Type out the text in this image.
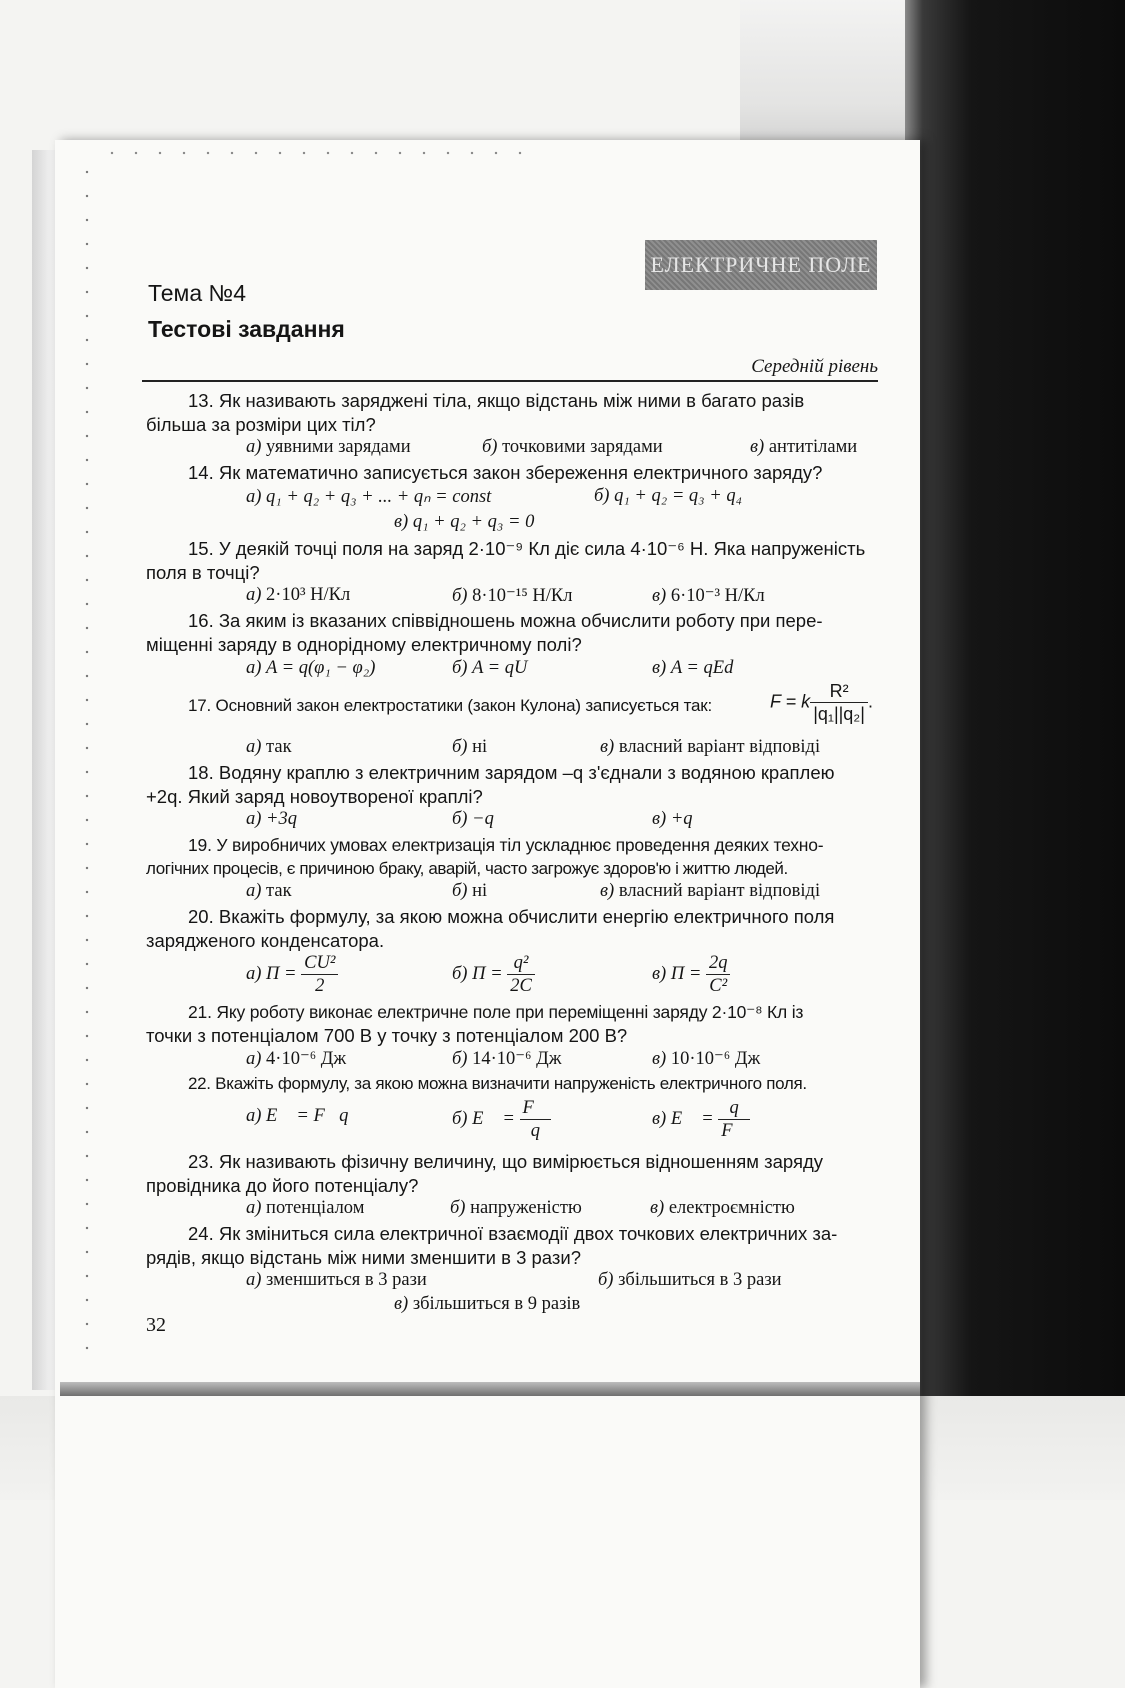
ЕЛЕКТРИЧНЕ ПОЛЕ
Тема №4
Тестові завдання
Середній рівень
13. Як називають заряджені тіла, якщо відстань між ними в багато разів
більша за розміри цих тіл?
а) уявними зарядами	б) точковими зарядами	в) антитілами
14. Як математично записується закон збереження електричного заряду?
а) q₁ + q₂ + q₃ + ... + qₙ = const	б) q₁ + q₂ = q₃ + q₄
в) q₁ + q₂ + q₃ = 0
15. У деякій точці поля на заряд 2·10⁻⁹ Кл діє сила 4·10⁻⁶ Н. Яка напруженість
поля в точці?
а) 2·10³ Н/Кл	б) 8·10⁻¹⁵ Н/Кл	в) 6·10⁻³ Н/Кл
16. За яким із вказаних співвідношень можна обчислити роботу при пере-
міщенні заряду в однорідному електричному полі?
а) A = q(φ₁ − φ₂)	б) A = qU	в) A = qEd
17. Основний закон електростатики (закон Кулона) записується так:	F = k $\frac{\text{R²}}{\text{|q₁||q₂|}}$ .
а) так	б) ні	в) власний варіант відповіді
18. Водяну краплю з електричним зарядом –q з'єднали з водяною краплею
+2q. Який заряд новоутвореної краплі?
а) +3q	б) −q	в) +q
19. У виробничих умовах електризація тіл ускладнює проведення деяких техно-
логічних процесів, є причиною браку, аварій, часто загрожує здоров'ю і життю людей.
а) так	б) ні	в) власний варіант відповіді
20. Вкажіть формулу, за якою можна обчислити енергію електричного поля
зарядженого конденсатора.
а) $П = \frac{\text{CU²}}{2}$	б) $П = \frac{\text{q²}}{2C}$	в) $П = \frac{2q}{\text{C²}}$
21. Яку роботу виконає електричне поле при переміщенні заряду 2·10⁻⁸ Кл із
точки з потенціалом 700 В у точку з потенціалом 200 В?
а) 4·10⁻⁶ Дж	б) 14·10⁻⁶ Дж	в) 10·10⁻⁶ Дж
22. Вкажіть формулу, за якою можна визначити напруженість електричного поля.
а) E⃗ = F⃗q	б) E⃗ = $\frac{F⃗}{q}$	в) E⃗ = $\frac{q}{F⃗}$
23. Як називають фізичну величину, що вимірюється відношенням заряду
провідника до його потенціалу?
а) потенціалом	б) напруженістю	в) електроємністю
24. Як зміниться сила електричної взаємодії двох точкових електричних за-
рядів, якщо відстань між ними зменшити в 3 рази?
а) зменшиться в 3 рази	б) збільшиться в 3 рази
в) збільшиться в 9 разів
32
